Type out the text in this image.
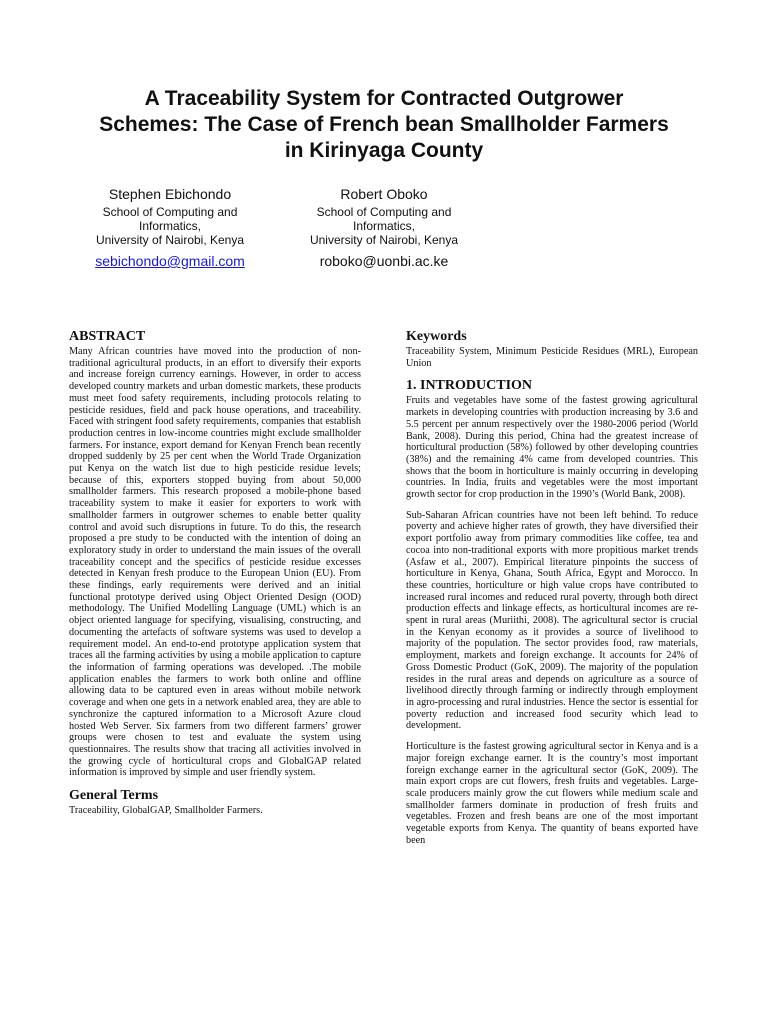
A Traceability System for Contracted Outgrower Schemes: The Case of French bean Smallholder Farmers in Kirinyaga County
Stephen Ebichondo
School of Computing and
Informatics,
University of Nairobi, Kenya
sebichondo@gmail.com
Robert Oboko
School of Computing and
Informatics,
University of Nairobi, Kenya
roboko@uonbi.ac.ke
ABSTRACT

Many African countries have moved into the production of non-traditional agricultural products, in an effort to diversify their exports and increase foreign currency earnings. However, in order to access developed country markets and urban domestic markets, these products must meet food safety requirements, including protocols relating to pesticide residues, field and pack house operations, and traceability. Faced with stringent food safety requirements, companies that establish production centres in low-income countries might exclude smallholder farmers. For instance, export demand for Kenyan French bean recently dropped suddenly by 25 per cent when the World Trade Organization put Kenya on the watch list due to high pesticide residue levels; because of this, exporters stopped buying from about 50,000 smallholder farmers. This research proposed a mobile-phone based traceability system to make it easier for exporters to work with smallholder farmers in outgrower schemes to enable better quality control and avoid such disruptions in future. To do this, the research proposed a pre study to be conducted with the intention of doing an exploratory study in order to understand the main issues of the overall traceability concept and the specifics of pesticide residue excesses detected in Kenyan fresh produce to the European Union (EU). From these findings, early requirements were derived and an initial functional prototype derived using Object Oriented Design (OOD) methodology. The Unified Modelling Language (UML) which is an object oriented language for specifying, visualising, constructing, and documenting the artefacts of software systems was used to develop a requirement model. An end-to-end prototype application system that traces all the farming activities by using a mobile application to capture the information of farming operations was developed. .The mobile application enables the farmers to work both online and offline allowing data to be captured even in areas without mobile network coverage and when one gets in a network enabled area, they are able to synchronize the captured information to a Microsoft Azure cloud hosted Web Server. Six farmers from two different farmers’ grower groups were chosen to test and evaluate the system using questionnaires. The results show that tracing all activities involved in the growing cycle of horticultural crops and GlobalGAP related information is improved by simple and user friendly system.

General Terms

Traceability, GlobalGAP, Smallholder Farmers.

Keywords

Traceability System, Minimum Pesticide Residues (MRL), European Union

1. INTRODUCTION

Fruits and vegetables have some of the fastest growing agricultural markets in developing countries with production increasing by 3.6 and 5.5 percent per annum respectively over the 1980-2006 period (World Bank, 2008). During this period, China had the greatest increase of horticultural production (58%) followed by other developing countries (38%) and the remaining 4% came from developed countries. This shows that the boom in horticulture is mainly occurring in developing countries. In India, fruits and vegetables were the most important growth sector for crop production in the 1990’s (World Bank, 2008).

Sub-Saharan African countries have not been left behind. To reduce poverty and achieve higher rates of growth, they have diversified their export portfolio away from primary commodities like coffee, tea and cocoa into non-traditional exports with more propitious market trends (Asfaw et al., 2007). Empirical literature pinpoints the success of horticulture in Kenya, Ghana, South Africa, Egypt and Morocco. In these countries, horticulture or high value crops have contributed to increased rural incomes and reduced rural poverty, through both direct production effects and linkage effects, as horticultural incomes are re-spent in rural areas (Muriithi, 2008). The agricultural sector is crucial in the Kenyan economy as it provides a source of livelihood to majority of the population. The sector provides food, raw materials, employment, markets and foreign exchange. It accounts for 24% of Gross Domestic Product (GoK, 2009). The majority of the population resides in the rural areas and depends on agriculture as a source of livelihood directly through farming or indirectly through employment in agro-processing and rural industries. Hence the sector is essential for poverty reduction and increased food security which lead to development.

Horticulture is the fastest growing agricultural sector in Kenya and is a major foreign exchange earner. It is the country’s most important foreign exchange earner in the agricultural sector (GoK, 2009). The main export crops are cut flowers, fresh fruits and vegetables. Large-scale producers mainly grow the cut flowers while medium scale and smallholder farmers dominate in production of fresh fruits and vegetables. Frozen and fresh beans are one of the most important vegetable exports from Kenya. The quantity of beans exported have been
